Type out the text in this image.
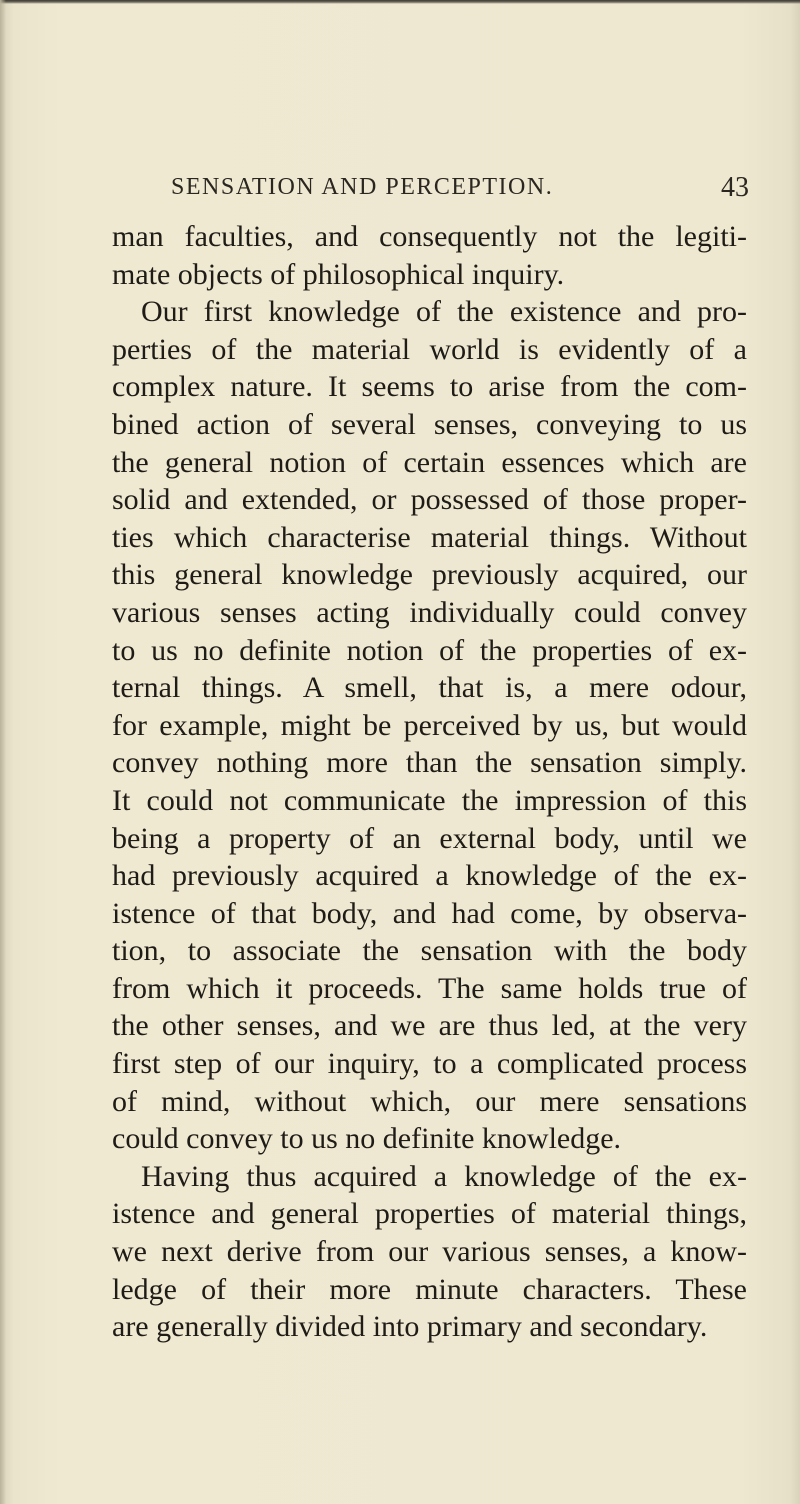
SENSATION AND PERCEPTION.	43
man faculties, and consequently not the legiti-
mate objects of philosophical inquiry.
Our first knowledge of the existence and pro-
perties of the material world is evidently of a
complex nature. It seems to arise from the com-
bined action of several senses, conveying to us
the general notion of certain essences which are
solid and extended, or possessed of those proper-
ties which characterise material things. Without
this general knowledge previously acquired, our
various senses acting individually could convey
to us no definite notion of the properties of ex-
ternal things. A smell, that is, a mere odour,
for example, might be perceived by us, but would
convey nothing more than the sensation simply.
It could not communicate the impression of this
being a property of an external body, until we
had previously acquired a knowledge of the ex-
istence of that body, and had come, by observa-
tion, to associate the sensation with the body
from which it proceeds. The same holds true of
the other senses, and we are thus led, at the very
first step of our inquiry, to a complicated process
of mind, without which, our mere sensations
could convey to us no definite knowledge.
Having thus acquired a knowledge of the ex-
istence and general properties of material things,
we next derive from our various senses, a know-
ledge of their more minute characters. These
are generally divided into primary and secondary.
